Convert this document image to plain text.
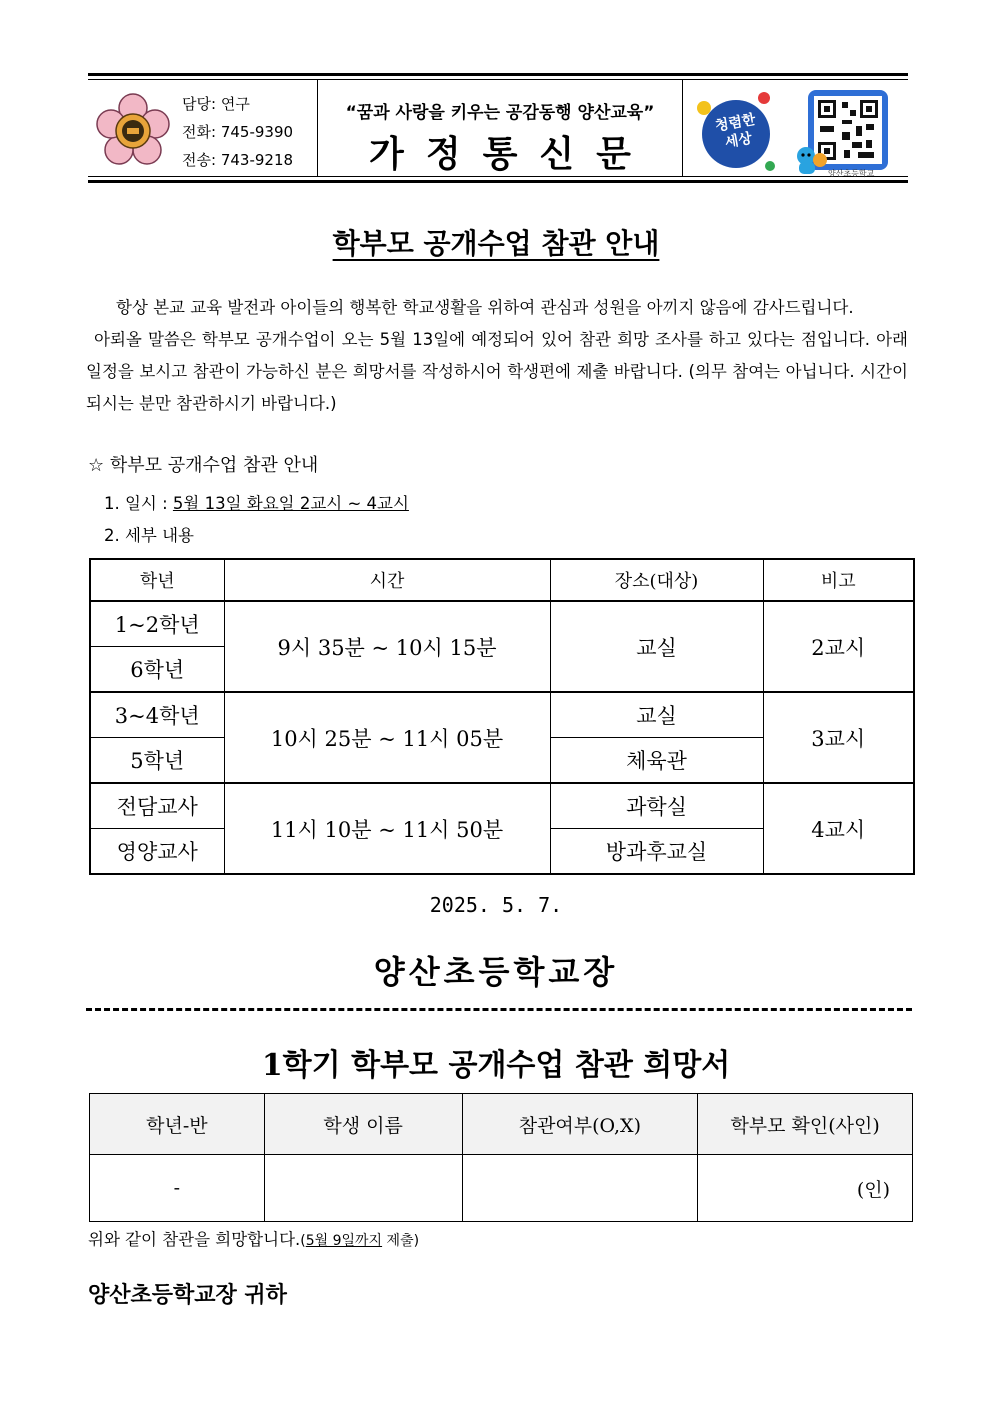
담당: 연구
전화: 745-9390
전송: 743-9218
“꿈과 사랑을 키우는 공감동행 양산교육”
가정통신문
청렴한 세상
양산초등학교
학부모 공개수업 참관 안내
항상 본교 교육 발전과 아이들의 행복한 학교생활을 위하여 관심과 성원을 아끼지 않음에 감사드립니다.
아뢰올 말씀은 학부모 공개수업이 오는 5월 13일에 예정되어 있어 참관 희망 조사를 하고 있다는 점입니다. 아래 일정을 보시고 참관이 가능하신 분은 희망서를 작성하시어 학생편에 제출 바랍니다. (의무 참여는 아닙니다. 시간이 되시는 분만 참관하시기 바랍니다.)
☆ 학부모 공개수업 참관 안내
1. 일시 : 5월 13일 화요일 2교시 ~ 4교시
2. 세부 내용
학년	시간	장소(대상)	비고
1~2학년	9시 35분 ~ 10시 15분	교실	2교시
6학년			
3~4학년	10시 25분 ~ 11시 05분	교실	3교시
5학년		체육관	
전담교사	11시 10분 ~ 11시 50분	과학실	4교시
영양교사		방과후교실	
2025. 5. 7.
양산초등학교장
1학기 학부모 공개수업 참관 희망서
학년-반	학생 이름	참관여부(O,X)	학부모 확인(사인)
-			(인)
위와 같이 참관을 희망합니다.(5월 9일까지 제출)
양산초등학교장 귀하
